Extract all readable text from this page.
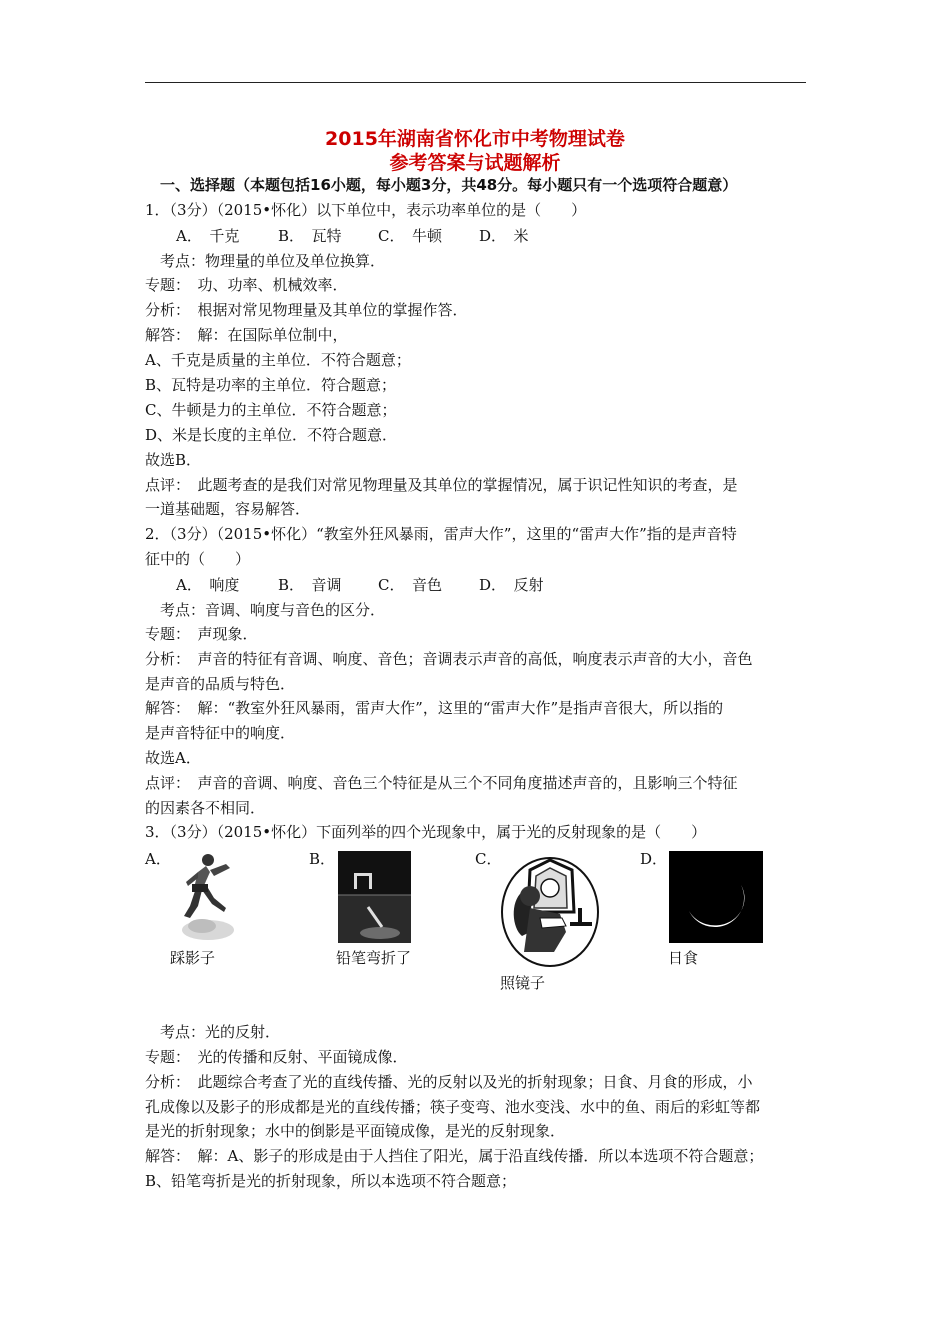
2015年湖南省怀化市中考物理试卷
参考答案与试题解析
一、选择题（本题包括16小题，每小题3分，共48分。每小题只有一个选项符合题意）
1．（3分）（2015•怀化）以下单位中，表示功率单位的是（　　）
A．　千克	B．　瓦特 C．　牛顿 D．　米
考点：物理量的单位及单位换算．
专题：　功、功率、机械效率．
分析：　根据对常见物理量及其单位的掌握作答．
解答：　解：在国际单位制中，
A、千克是质量的主单位．不符合题意；
B、瓦特是功率的主单位．符合题意；
C、牛顿是力的主单位．不符合题意；
D、米是长度的主单位．不符合题意．
故选B．
点评：　此题考查的是我们对常见物理量及其单位的掌握情况，属于识记性知识的考查，是
一道基础题，容易解答．
2．（3分）（2015•怀化）“教室外狂风暴雨，雷声大作”，这里的“雷声大作”指的是声音特
征中的（　　）
A．　响度	B．　音调 C．　音色 D．　反射
考点：音调、响度与音色的区分．
专题：　声现象．
分析：　声音的特征有音调、响度、音色；音调表示声音的高低，响度表示声音的大小，音色
是声音的品质与特色．
解答：　解：“教室外狂风暴雨，雷声大作”，这里的“雷声大作”是指声音很大，所以指的
是声音特征中的响度．
故选A．
点评：　声音的音调、响度、音色三个特征是从三个不同角度描述声音的，且影响三个特征
的因素各不相同．
3．（3分）（2015•怀化）下面列举的四个光现象中，属于光的反射现象的是（　　）
A．	B．	C．	D．
踩影子	铅笔弯折了
照镜子
日食
考点：光的反射．
专题：　光的传播和反射、平面镜成像．
分析：　此题综合考查了光的直线传播、光的反射以及光的折射现象；日食、月食的形成，小
孔成像以及影子的形成都是光的直线传播；筷子变弯、池水变浅、水中的鱼、雨后的彩虹等都
是光的折射现象；水中的倒影是平面镜成像，是光的反射现象．
解答：　解：A、影子的形成是由于人挡住了阳光，属于沿直线传播．所以本选项不符合题意；
B、铅笔弯折是光的折射现象，所以本选项不符合题意；
